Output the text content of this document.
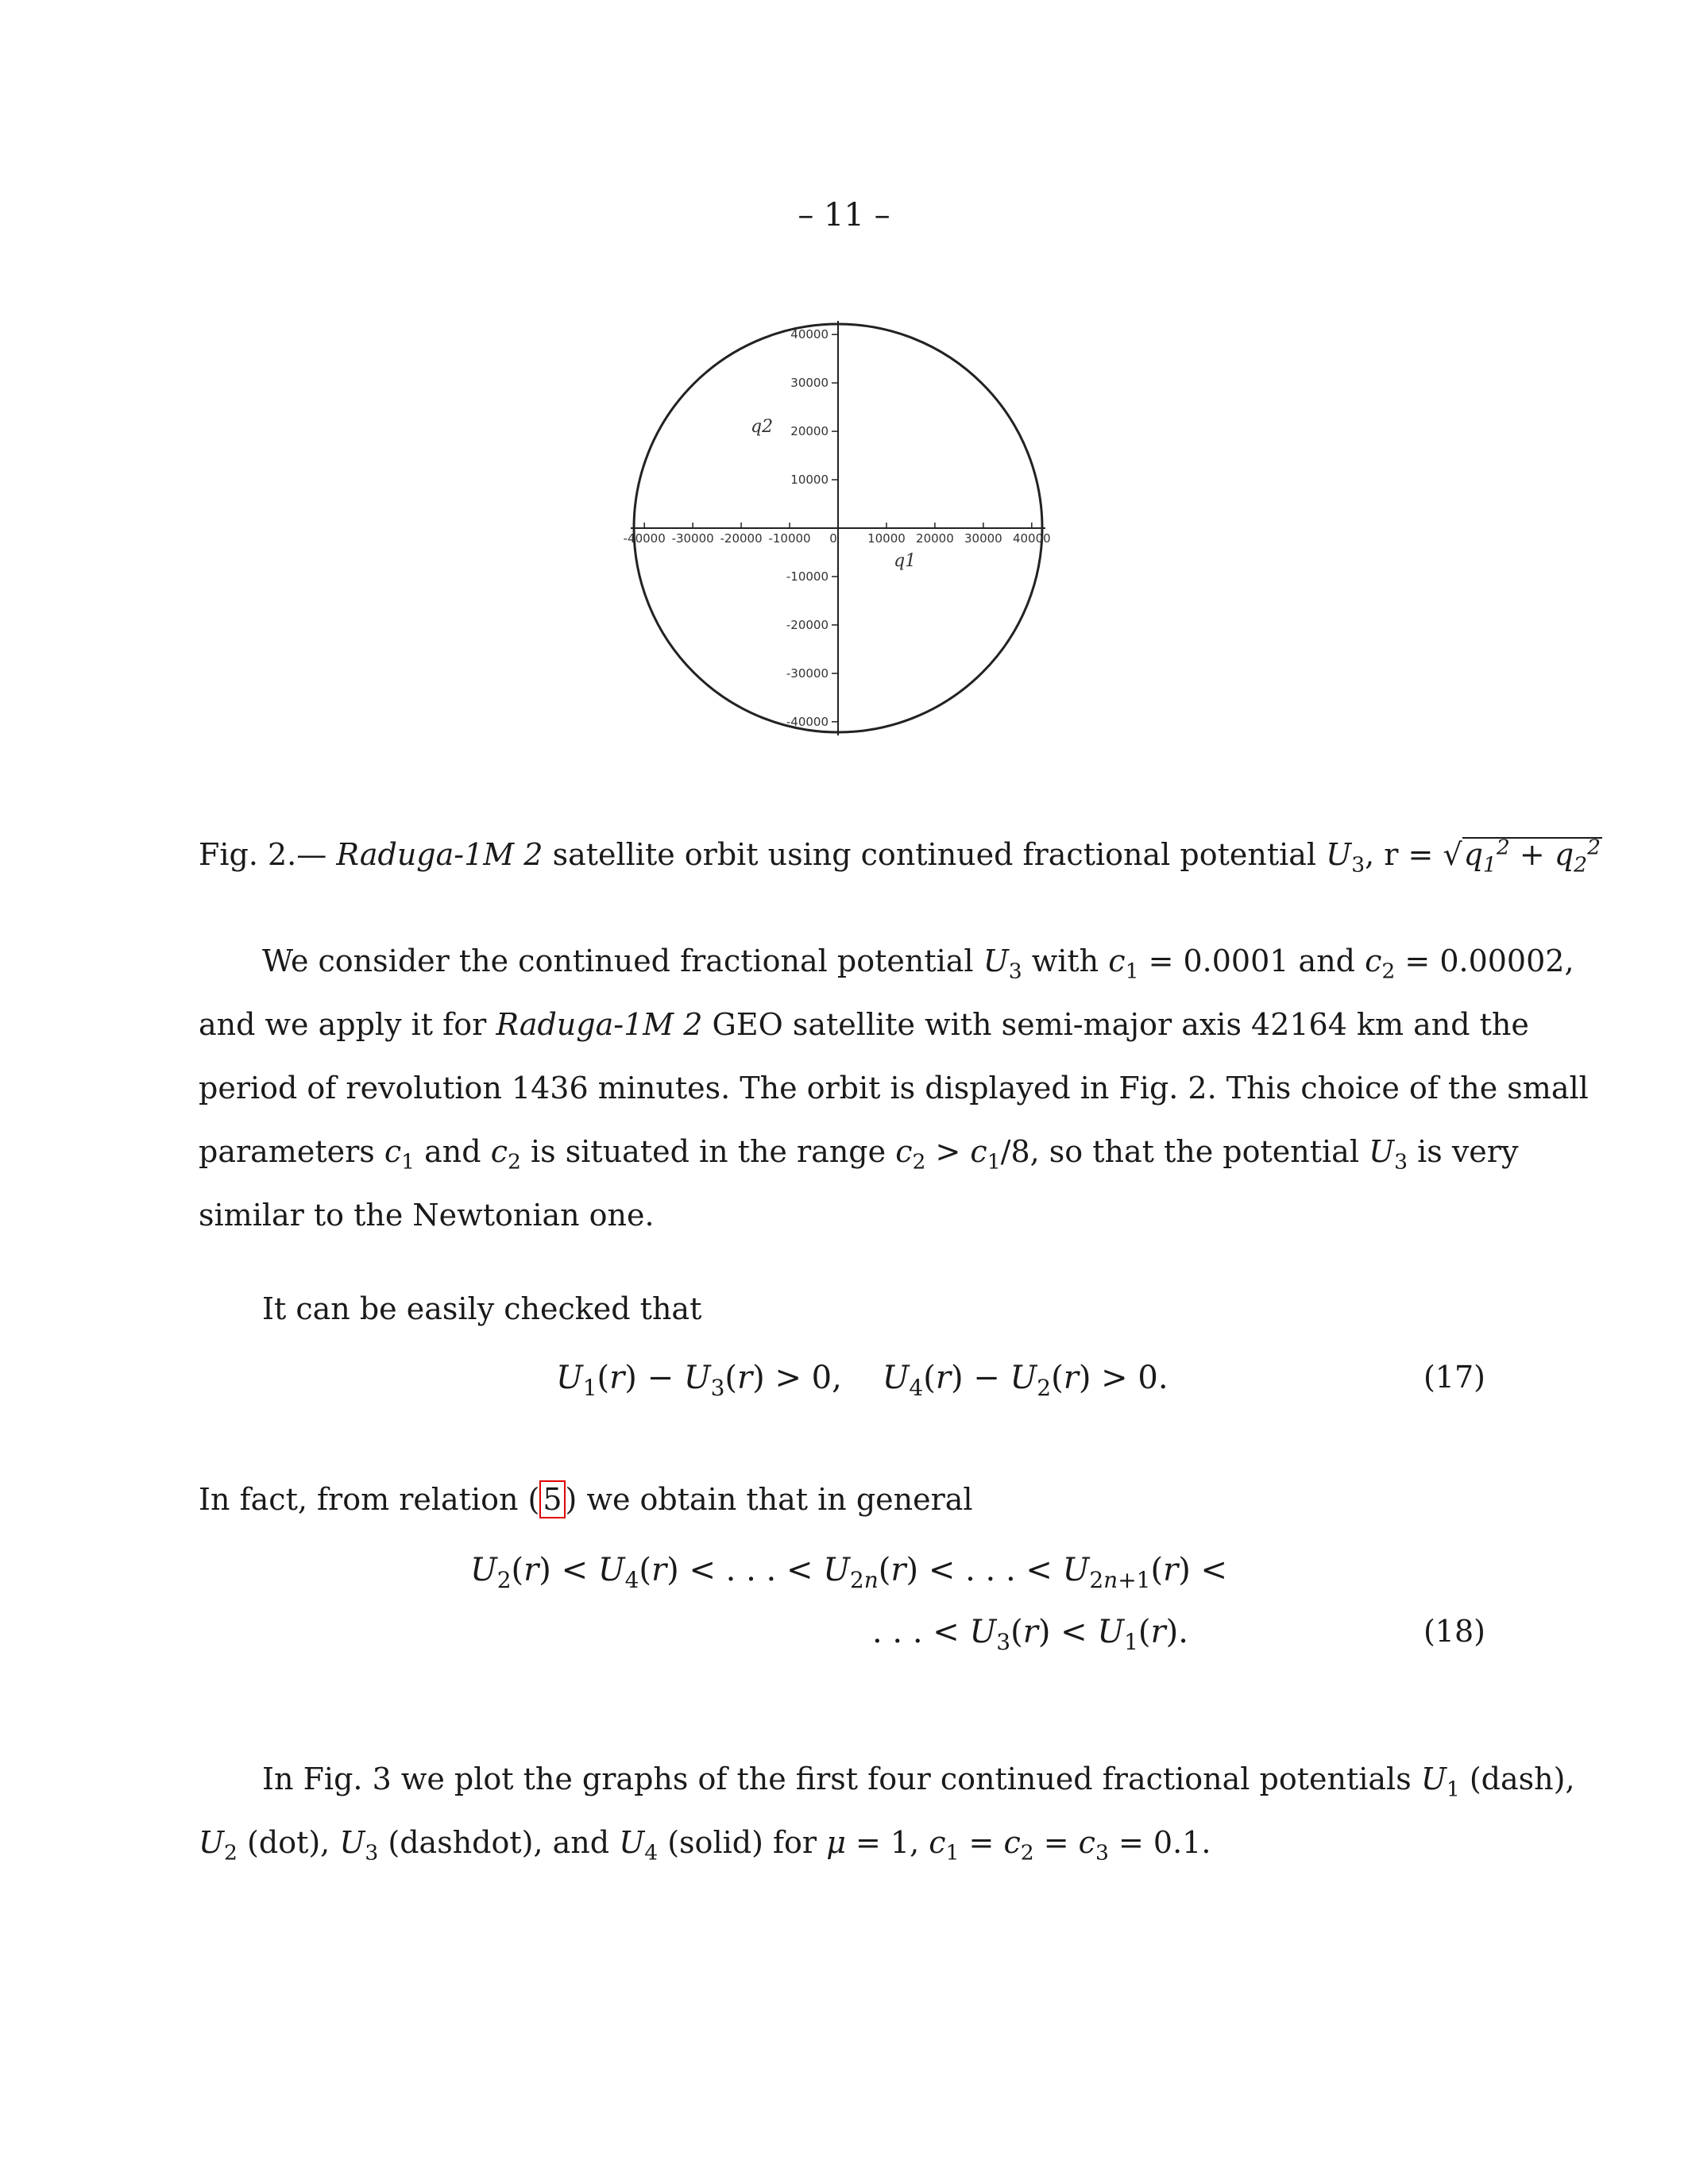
– 11 –
-40000 -30000 -20000 -10000 0	10000 20000 30000 40000
40000
30000
20000
10000
-10000
-20000
-30000
-40000
q1
q2
Fig. 2.— Raduga-1M 2 satellite orbit using continued fractional potential $U_3$, $r = √q_1^2 + q_2^2$
We consider the continued fractional potential $U_3$ with $c_1 = 0.0001$ and $c_2 = 0.00002$,
and we apply it for Raduga-1M 2 GEO satellite with semi-major axis 42164 km and the
period of revolution 1436 minutes. The orbit is displayed in Fig. 2. This choice of the small
parameters $c_1$ and $c_2$ is situated in the range $c_2 > c_1/8$, so that the potential $U_3$ is very
similar to the Newtonian one.
It can be easily checked that
$U_1(r) - U_3(r) > 0$,    $U_4(r) - U_2(r) > 0$.	(17)
In fact, from relation ( 5 ) we obtain that in general
$U_2(r) < U_4(r)$ < . . . < $U_{2n}(r)$ < . . . < $U_{2n+1}(r)$ <
. . . < $U_3(r) < U_1(r)$.	(18)
In Fig. 3 we plot the graphs of the first four continued fractional potentials $U_1$ (dash),
$U_2$ (dot), $U_3$ (dashdot), and $U_4$ (solid) for μ = 1, $c_1 = c_2 = c_3 = 0.1$.
